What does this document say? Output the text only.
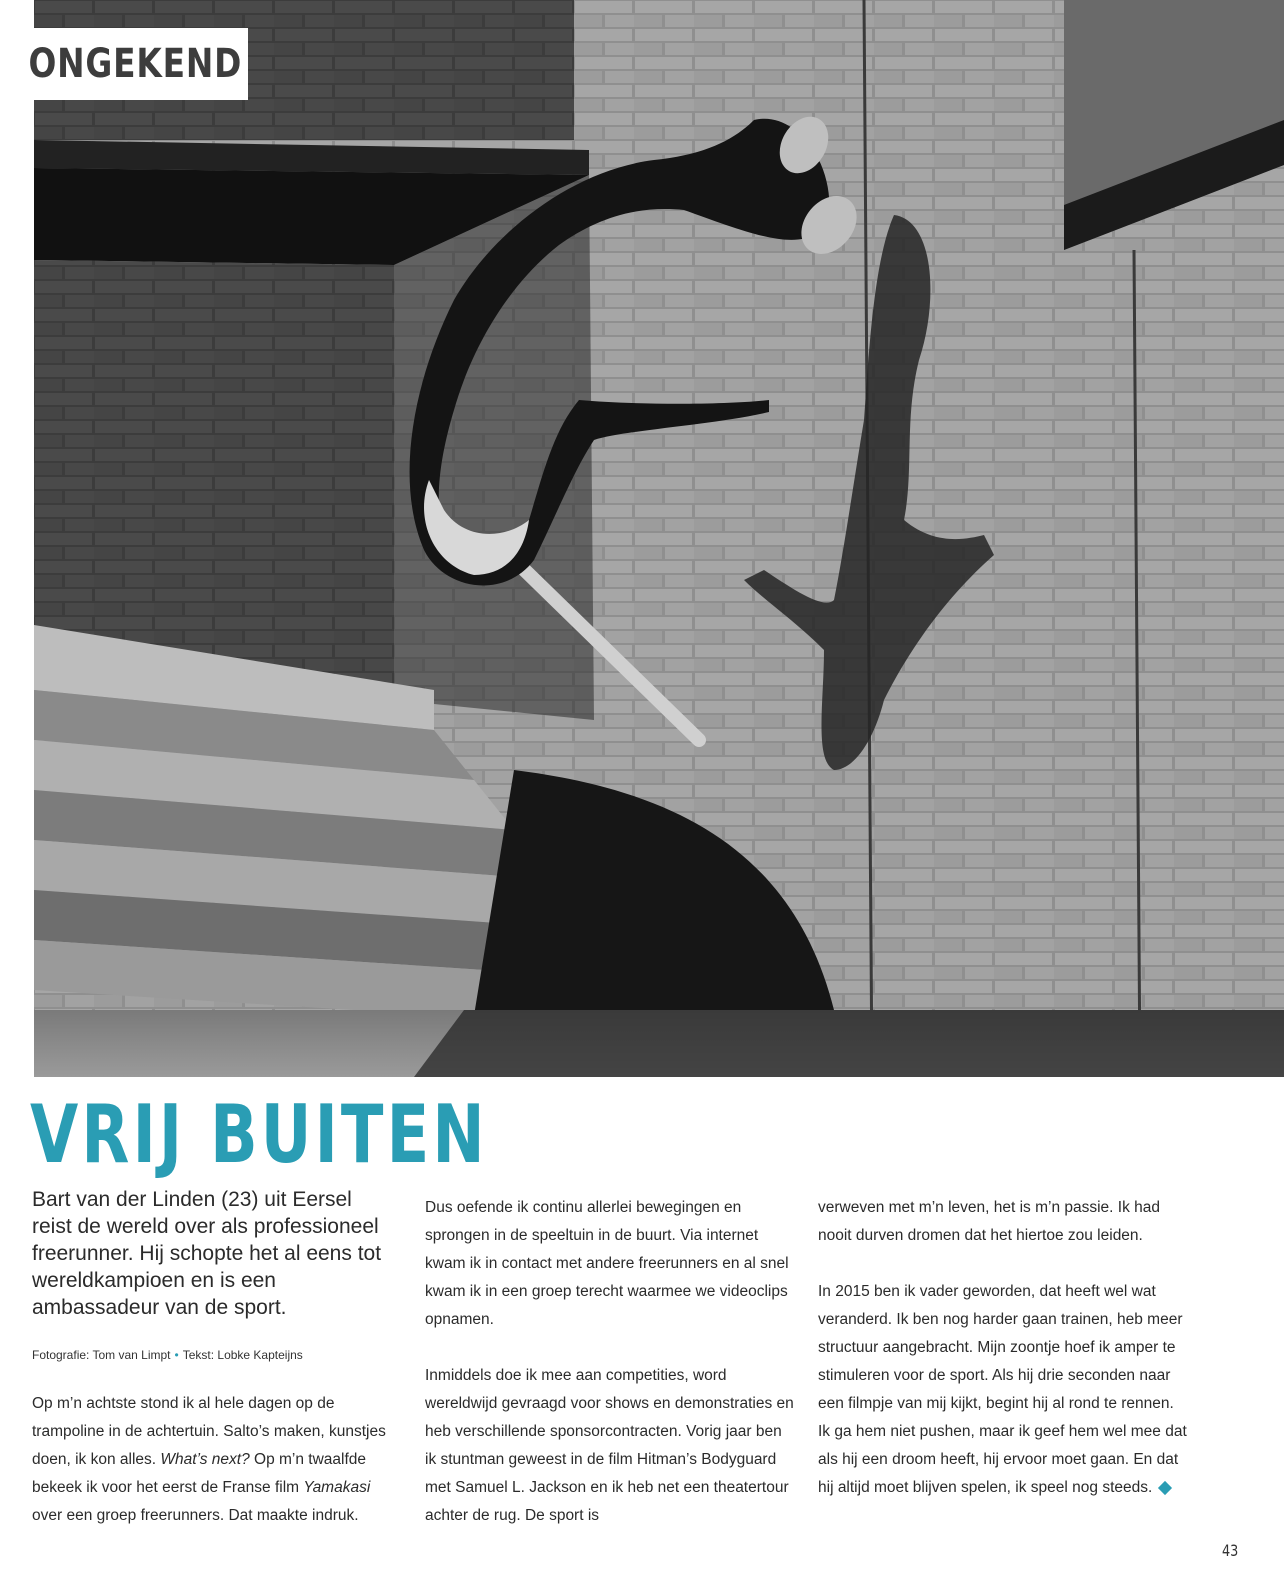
ONGEKEND
VRIJ BUITEN
Bart van der Linden (23) uit Eersel reist de wereld over als professioneel freerunner. Hij schopte het al eens tot wereldkampioen en is een ambassadeur van de sport.
Fotografie: Tom van Limpt • Tekst: Lobke Kapteijns

Op m’n achtste stond ik al hele dagen op de trampoline in de achtertuin. Salto’s maken, kunstjes doen, ik kon alles. What’s next? Op m’n twaalfde bekeek ik voor het eerst de Franse film Yamakasi over een groep freerunners. Dat maakte indruk.

Dus oefende ik continu allerlei bewegingen en sprongen in de speeltuin in de buurt. Via internet kwam ik in contact met andere freerunners en al snel kwam ik in een groep terecht waarmee we videoclips opnamen.

Inmiddels doe ik mee aan competities, word wereldwijd gevraagd voor shows en demonstraties en heb verschillende sponsorcontracten. Vorig jaar ben ik stuntman geweest in de film Hitman’s Bodyguard met Samuel L. Jackson en ik heb net een theatertour achter de rug. De sport is

verweven met m’n leven, het is m’n passie. Ik had nooit durven dromen dat het hiertoe zou leiden.

In 2015 ben ik vader geworden, dat heeft wel wat veranderd. Ik ben nog harder gaan trainen, heb meer structuur aangebracht. Mijn zoontje hoef ik amper te stimuleren voor de sport. Als hij drie seconden naar een filmpje van mij kijkt, begint hij al rond te rennen. Ik ga hem niet pushen, maar ik geef hem wel mee dat als hij een droom heeft, hij ervoor moet gaan. En dat hij altijd moet blijven spelen, ik speel nog steeds.

43
